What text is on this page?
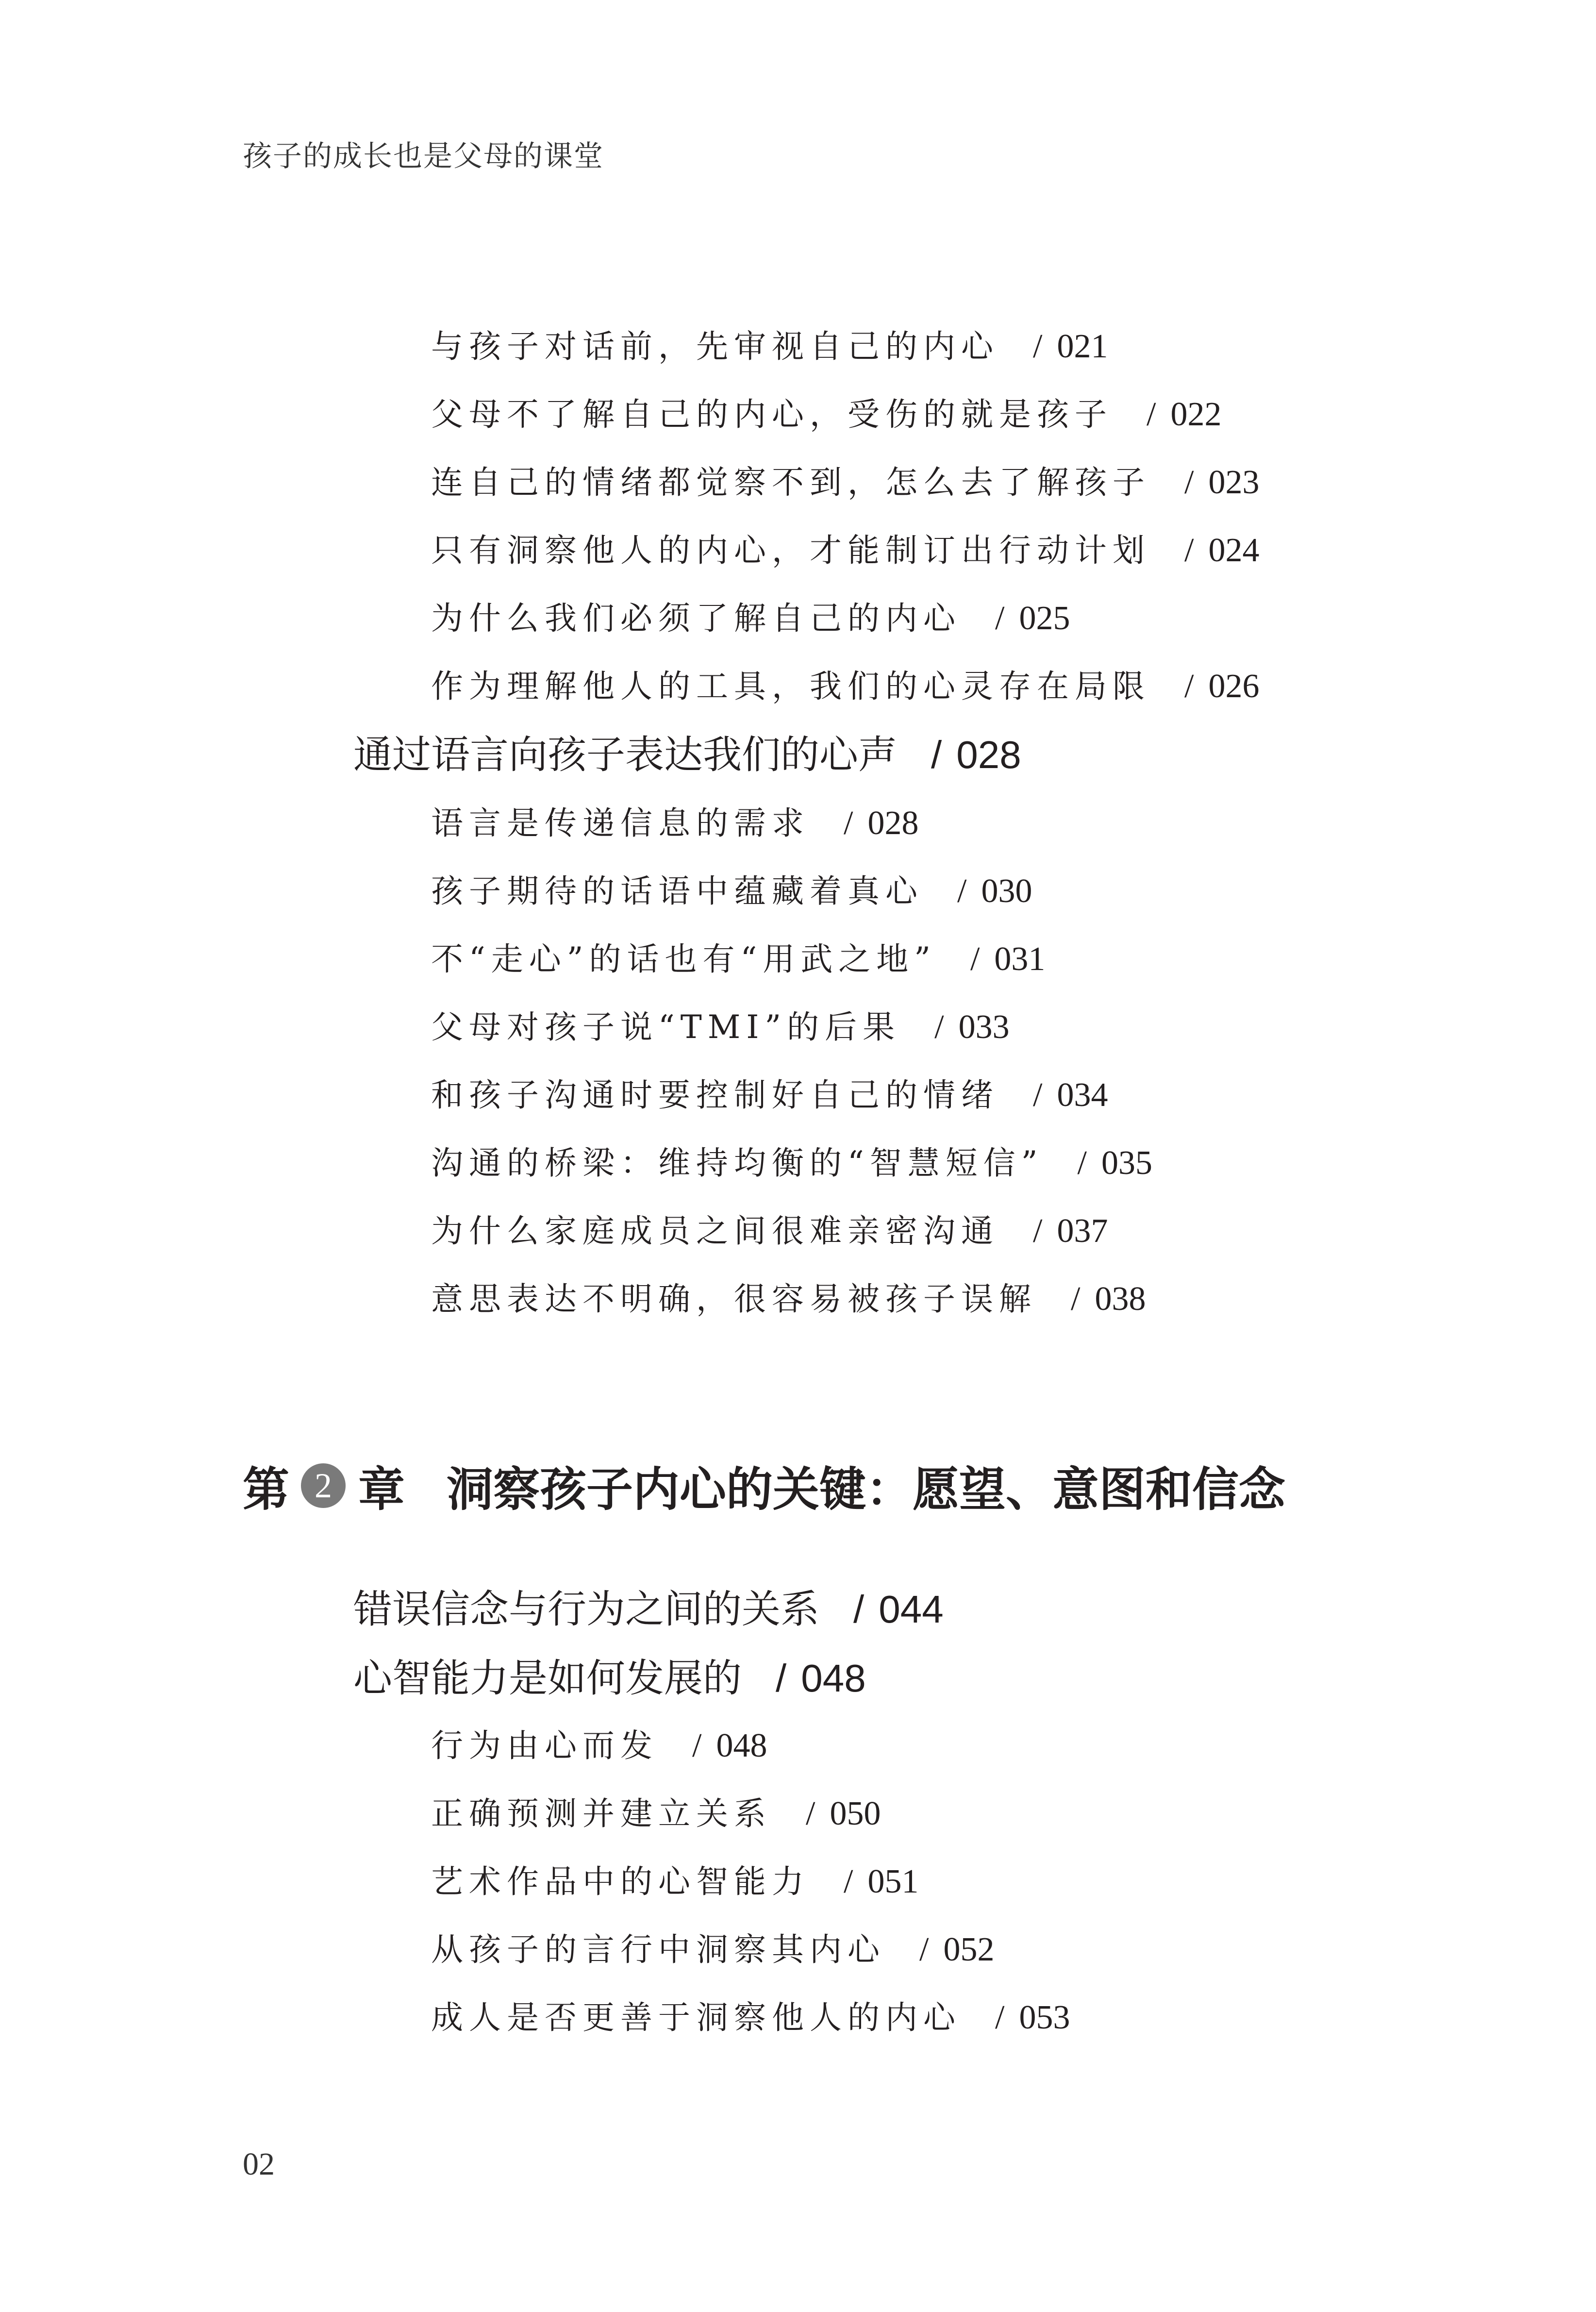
孩子的成长也是父母的课堂
与孩子对话前，先审视自己的内心 / 021
父母不了解自己的内心，受伤的就是孩子 / 022
连自己的情绪都觉察不到，怎么去了解孩子 / 023
只有洞察他人的内心，才能制订出行动计划 / 024
为什么我们必须了解自己的内心 / 025
作为理解他人的工具，我们的心灵存在局限 / 026
通过语言向孩子表达我们的心声 / 028
语言是传递信息的需求 / 028
孩子期待的话语中蕴藏着真心 / 030
不“走心”的话也有“用武之地” / 031
父母对孩子说“TMI”的后果 / 033
和孩子沟通时要控制好自己的情绪 / 034
沟通的桥梁：维持均衡的“智慧短信” / 035
为什么家庭成员之间很难亲密沟通 / 037
意思表达不明确，很容易被孩子误解 / 038
第 2 章 洞察孩子内心的关键：愿望、意图和信念
错误信念与行为之间的关系 / 044
心智能力是如何发展的 / 048
行为由心而发 / 048
正确预测并建立关系 / 050
艺术作品中的心智能力 / 051
从孩子的言行中洞察其内心 / 052
成人是否更善于洞察他人的内心 / 053
02
